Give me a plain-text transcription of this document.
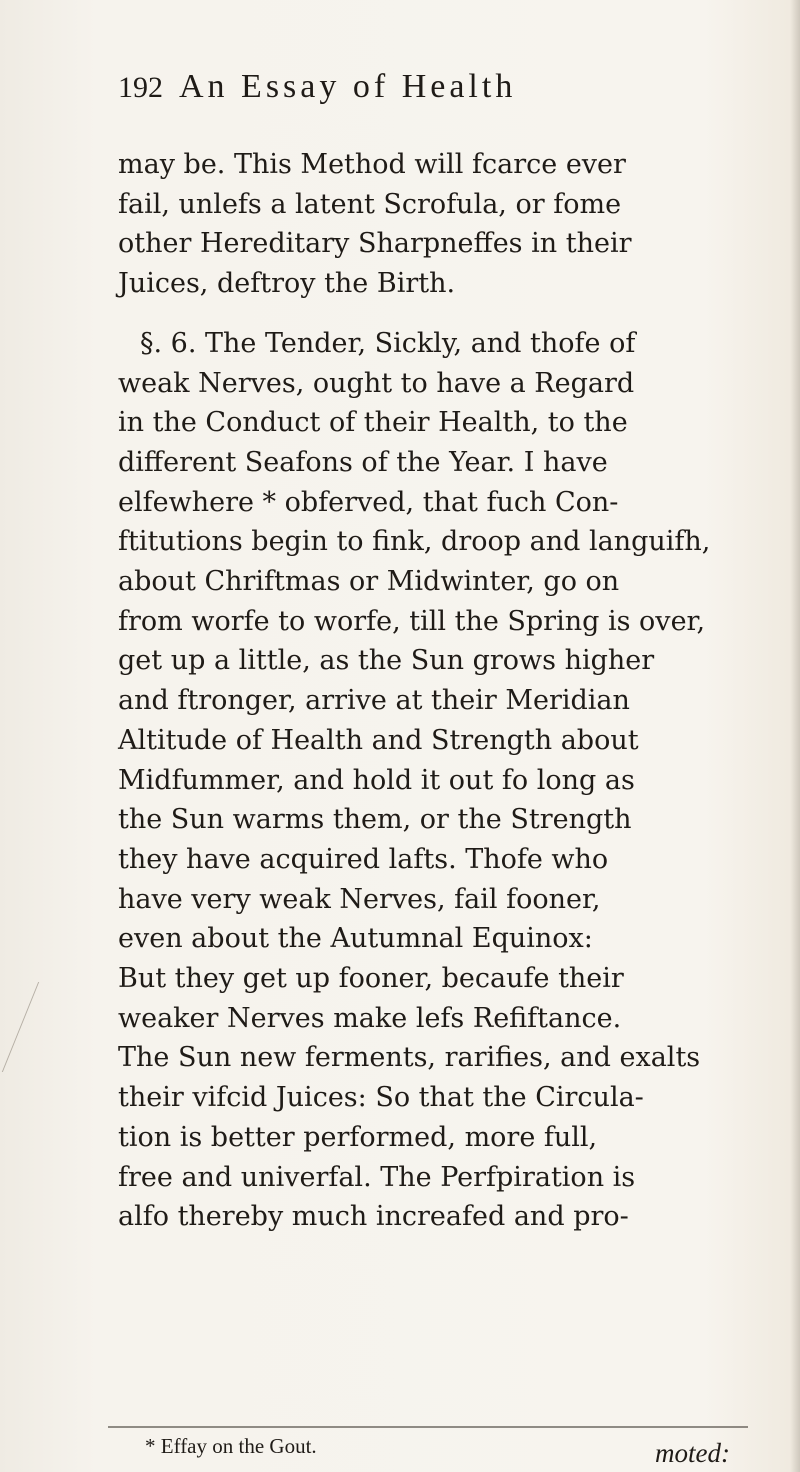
192 An Essay of Health
may be. This Method will fcarce ever
fail, unlefs a latent Scrofula, or fome
other Hereditary Sharpneffes in their
Juices, deftroy the Birth.
§. 6. The Tender, Sickly, and thofe of
weak Nerves, ought to have a Regard
in the Conduct of their Health, to the
different Seafons of the Year. I have
elfewhere * obferved, that fuch Con-
ftitutions begin to fink, droop and languifh,
about Chriftmas or Midwinter, go on
from worfe to worfe, till the Spring is over,
get up a little, as the Sun grows higher
and ftronger, arrive at their Meridian
Altitude of Health and Strength about
Midfummer, and hold it out fo long as
the Sun warms them, or the Strength
they have acquired lafts. Thofe who
have very weak Nerves, fail fooner,
even about the Autumnal Equinox:
But they get up fooner, becaufe their
weaker Nerves make lefs Refiftance.
The Sun new ferments, rarifies, and exalts
their vifcid Juices: So that the Circula-
tion is better performed, more full,
free and univerfal. The Perfpiration is
alfo thereby much increafed and pro-
* Effay on the Gout.	moted:
